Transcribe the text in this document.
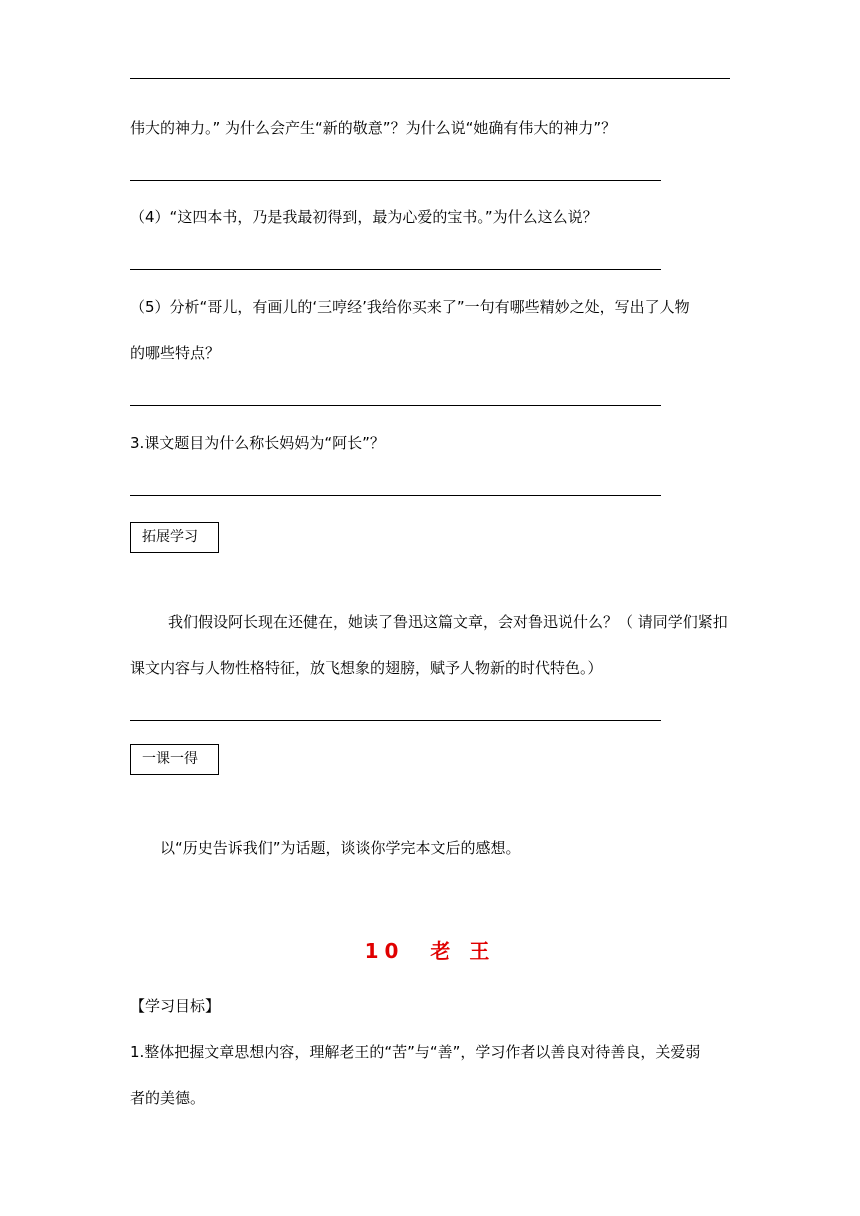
伟大的神力。” 为什么会产生“新的敬意”？为什么说“她确有伟大的神力”？
（4）“这四本书，乃是我最初得到，最为心爱的宝书。”为什么这么说？
（5）分析“哥儿，有画儿的‘三哼经’我给你买来了”一句有哪些精妙之处，写出了人物
的哪些特点？
3.课文题目为什么称长妈妈为“阿长”？
拓展学习
我们假设阿长现在还健在，她读了鲁迅这篇文章，会对鲁迅说什么？（ 请同学们紧扣
课文内容与人物性格特征，放飞想象的翅膀，赋予人物新的时代特色。）
一课一得
以“历史告诉我们”为话题，谈谈你学完本文后的感想。
10  老 王
【学习目标】
1.整体把握文章思想内容，理解老王的“苦”与“善”，学习作者以善良对待善良，关爱弱
者的美德。
